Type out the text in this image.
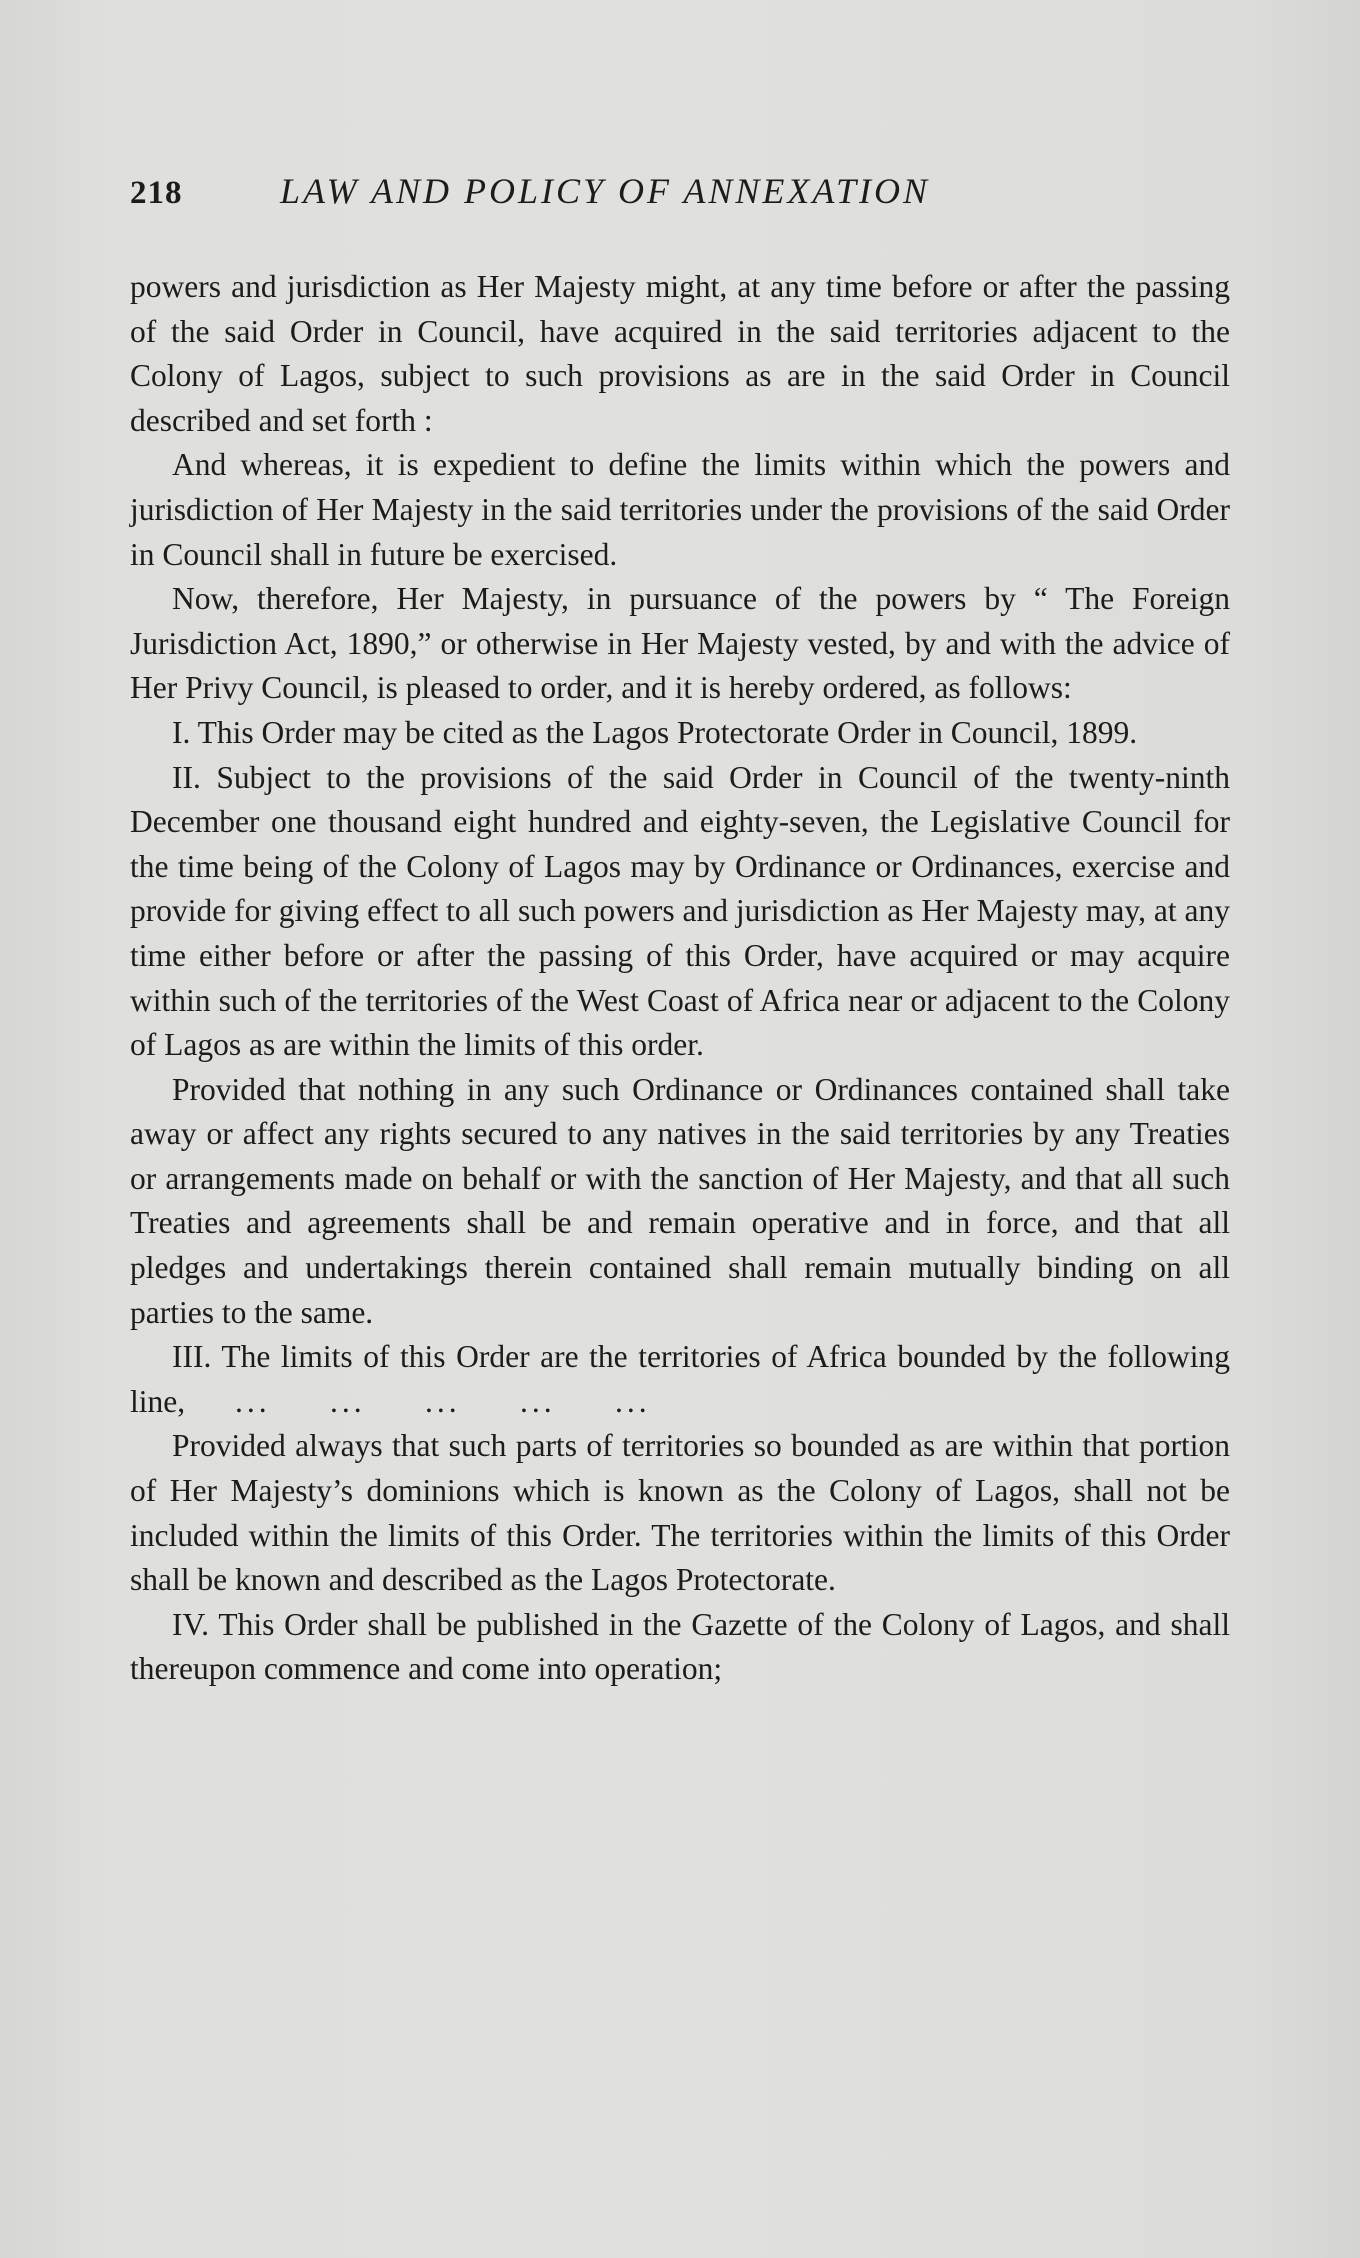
218	LAW AND POLICY OF ANNEXATION

powers and jurisdiction as Her Majesty might, at any time before or after the passing of the said Order in Council, have acquired in the said territories adjacent to the Colony of Lagos, subject to such provisions as are in the said Order in Council described and set forth :

And whereas, it is expedient to define the limits within which the powers and jurisdiction of Her Majesty in the said territories under the provisions of the said Order in Council shall in future be exercised.

Now, therefore, Her Majesty, in pursuance of the powers by “ The Foreign Jurisdiction Act, 1890,” or otherwise in Her Majesty vested, by and with the advice of Her Privy Council, is pleased to order, and it is hereby ordered, as follows:

I. This Order may be cited as the Lagos Protectorate Order in Council, 1899.

II. Subject to the provisions of the said Order in Council of the twenty-ninth December one thousand eight hundred and eighty-seven, the Legislative Council for the time being of the Colony of Lagos may by Ordinance or Ordinances, exercise and provide for giving effect to all such powers and jurisdiction as Her Majesty may, at any time either before or after the passing of this Order, have acquired or may acquire within such of the territories of the West Coast of Africa near or adjacent to the Colony of Lagos as are within the limits of this order.

Provided that nothing in any such Ordinance or Ordinances contained shall take away or affect any rights secured to any natives in the said territories by any Treaties or arrangements made on behalf or with the sanction of Her Majesty, and that all such Treaties and agreements shall be and remain operative and in force, and that all pledges and undertakings therein contained shall remain mutually binding on all parties to the same.

III. The limits of this Order are the territories of Africa bounded by the following line, ...     ...     ...     ...     ...

Provided always that such parts of territories so bounded as are within that portion of Her Majesty’s dominions which is known as the Colony of Lagos, shall not be included within the limits of this Order. The territories within the limits of this Order shall be known and described as the Lagos Protectorate.

IV. This Order shall be published in the Gazette of the Colony of Lagos, and shall thereupon commence and come into operation;
